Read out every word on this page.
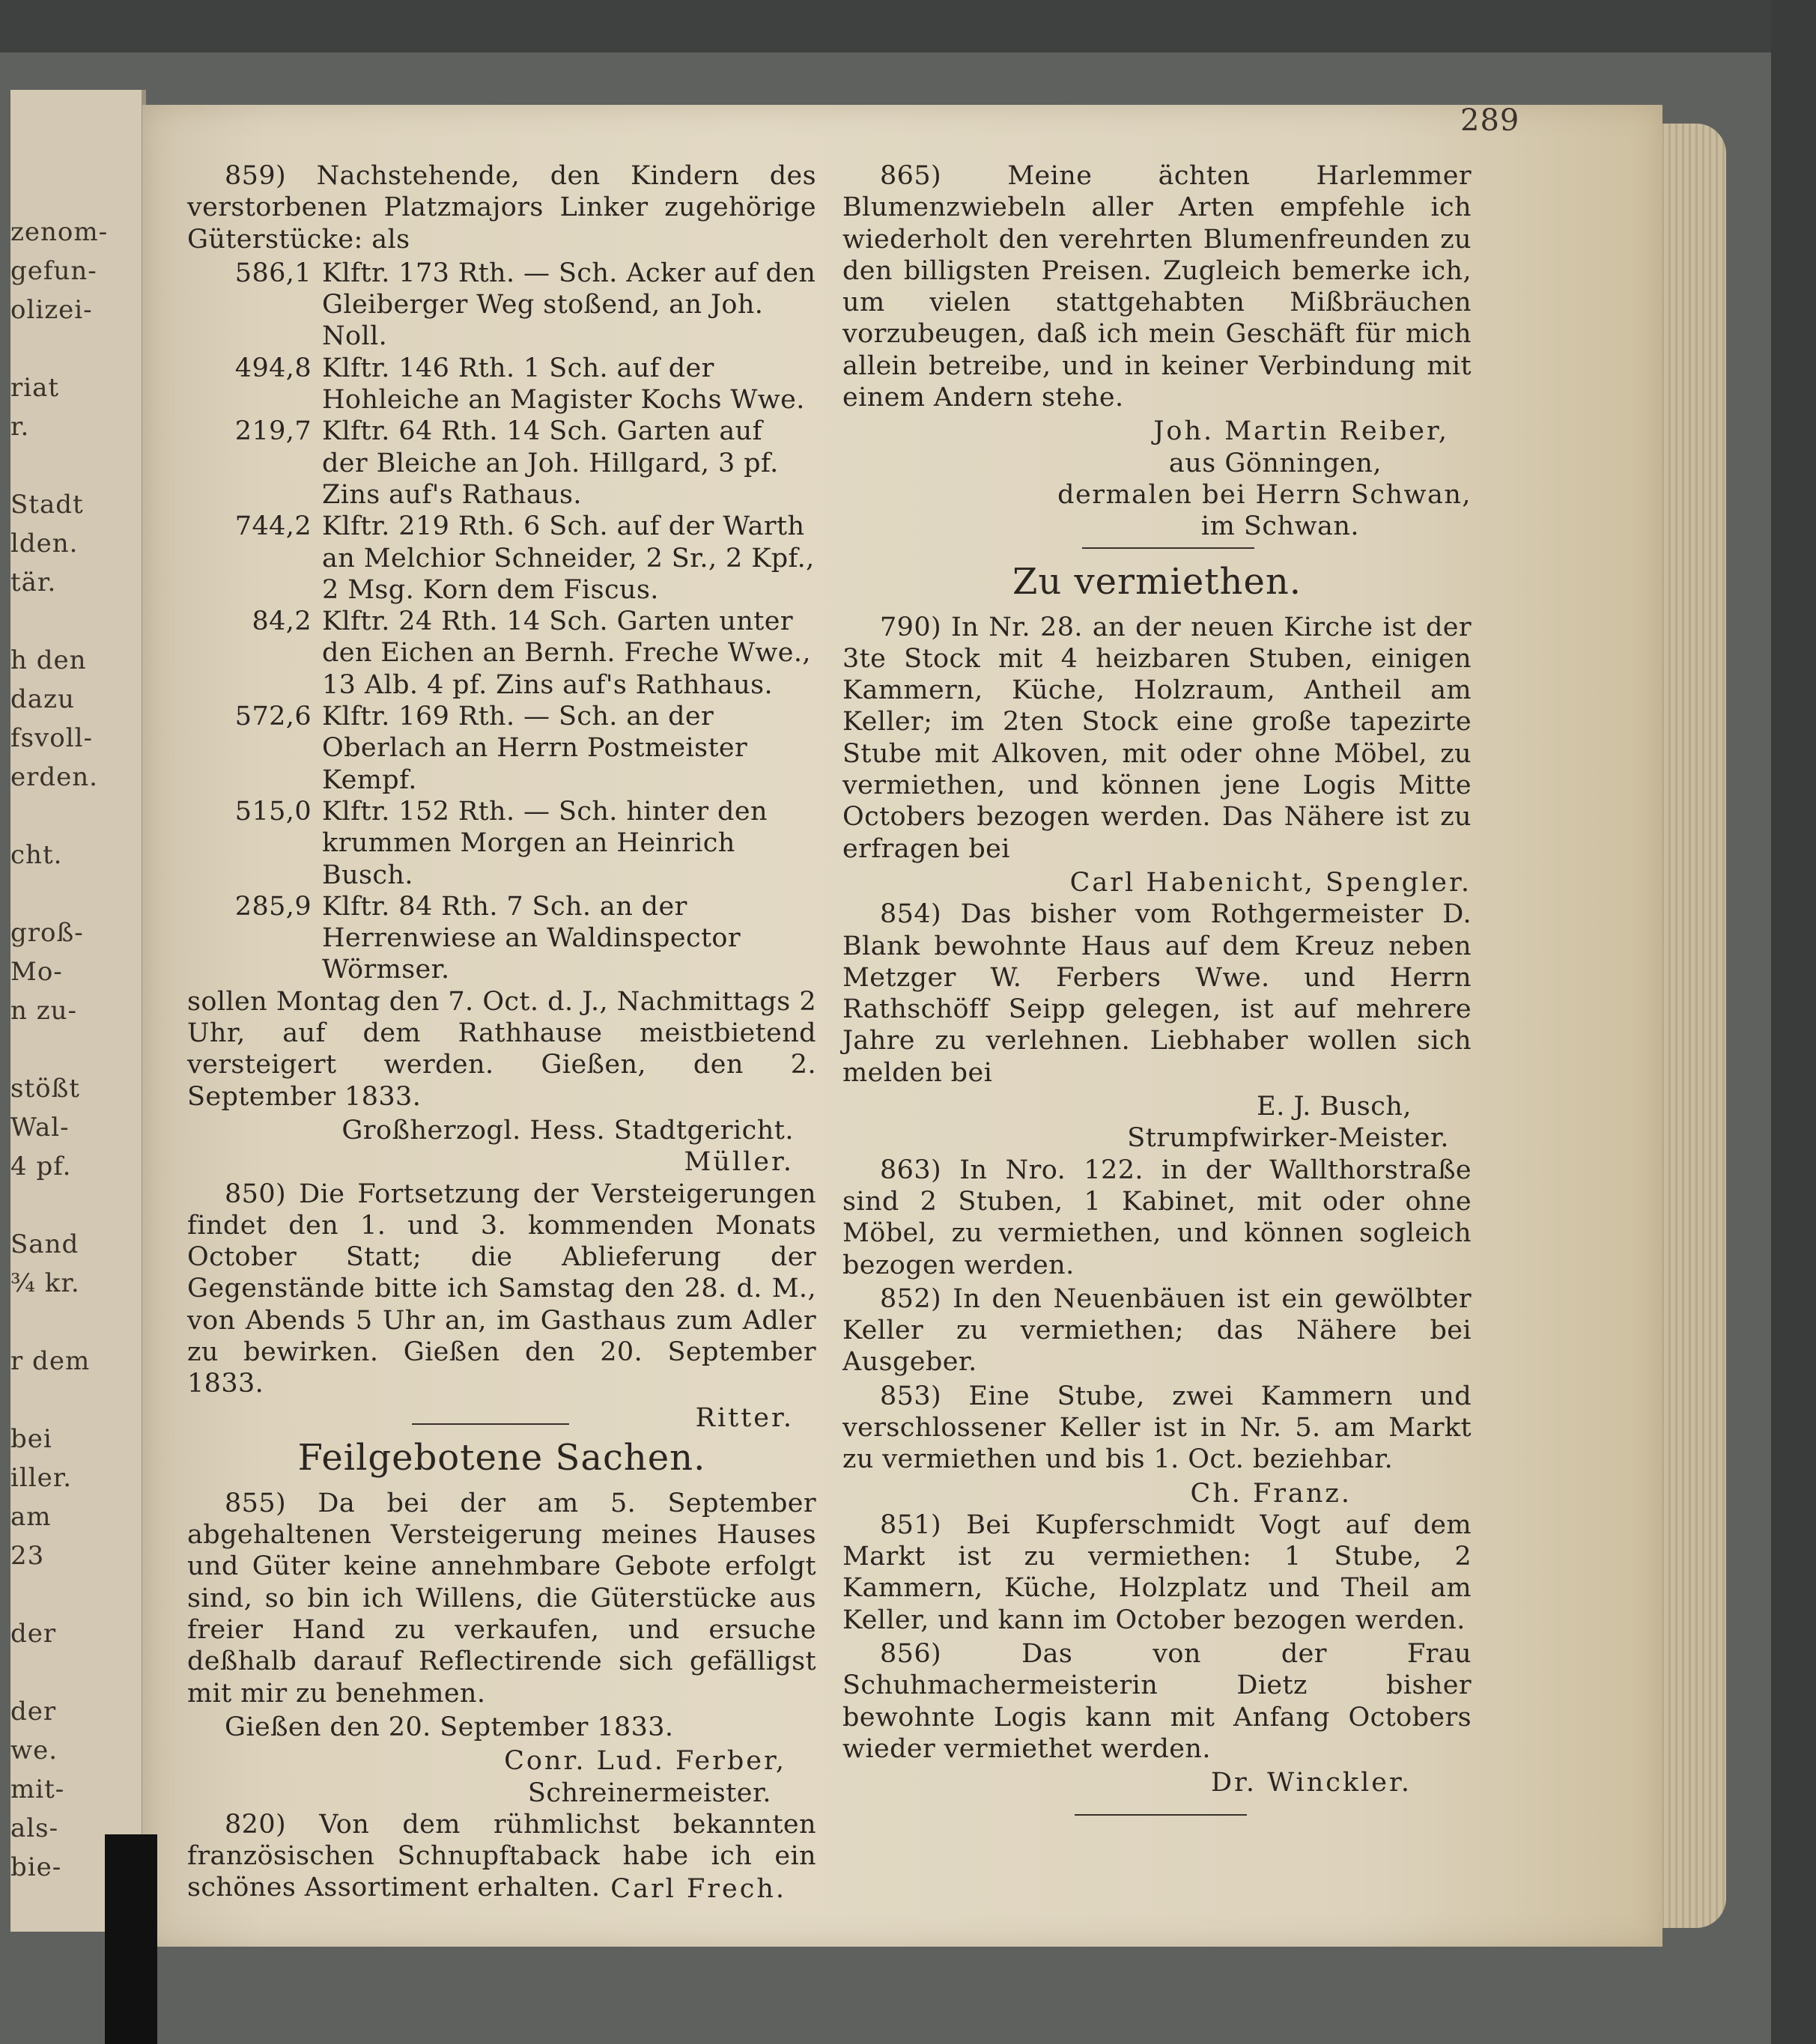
zenom-
gefun-
olizei-
riat
r.
Stadt
lden.
tär.
h den
dazu
fsvoll-
erden.
cht.
groß-
Mo-
n zu-
stößt
Wal-
4 pf.
Sand
¾ kr.
r dem
bei
iller.
am
23
der
der
we.
mit-
als-
bie-
289

859) Nachstehende, den Kindern des verstorbenen Platzmajors Linker zugehörige Güterstücke: als

586,1 Klftr. 173 Rth. — Sch. Acker auf den Gleiberger Weg stoßend, an Joh. Noll.

494,8 Klftr. 146 Rth. 1 Sch. auf der Hohleiche an Magister Kochs Wwe.

219,7 Klftr. 64 Rth. 14 Sch. Garten auf der Bleiche an Joh. Hillgard, 3 pf. Zins auf's Rathaus.

744,2 Klftr. 219 Rth. 6 Sch. auf der Warth an Melchior Schneider, 2 Sr., 2 Kpf., 2 Msg. Korn dem Fiscus.

84,2 Klftr. 24 Rth. 14 Sch. Garten unter den Eichen an Bernh. Freche Wwe., 13 Alb. 4 pf. Zins auf's Rathhaus.

572,6 Klftr. 169 Rth. — Sch. an der Oberlach an Herrn Postmeister Kempf.

515,0 Klftr. 152 Rth. — Sch. hinter den krummen Morgen an Heinrich Busch.

285,9 Klftr. 84 Rth. 7 Sch. an der Herrenwiese an Waldinspector Wörmser.

sollen Montag den 7. Oct. d. J., Nachmittags 2 Uhr, auf dem Rathhause meistbietend versteigert werden. Gießen, den 2. September 1833.

Großherzogl. Hess. Stadtgericht.

Müller.

850) Die Fortsetzung der Versteigerungen findet den 1. und 3. kommenden Monats October Statt; die Ablieferung der Gegenstände bitte ich Samstag den 28. d. M., von Abends 5 Uhr an, im Gasthaus zum Adler zu bewirken. Gießen den 20. September 1833.

Ritter.

Feilgebotene Sachen.

855) Da bei der am 5. September abgehaltenen Versteigerung meines Hauses und Güter keine annehmbare Gebote erfolgt sind, so bin ich Willens, die Güterstücke aus freier Hand zu verkaufen, und ersuche deßhalb darauf Reflectirende sich gefälligst mit mir zu benehmen.

Gießen den 20. September 1833.

Conr. Lud. Ferber,

Schreinermeister.

820) Von dem rühmlichst bekannten französischen Schnupftaback habe ich ein schönes Assortiment erhalten. Carl Frech.

865) Meine ächten Harlemmer Blumenzwiebeln aller Arten empfehle ich wiederholt den verehrten Blumenfreunden zu den billigsten Preisen. Zugleich bemerke ich, um vielen stattgehabten Mißbräuchen vorzubeugen, daß ich mein Geschäft für mich allein betreibe, und in keiner Verbindung mit einem Andern stehe.

Joh. Martin Reiber,

aus Gönningen,

dermalen bei Herrn Schwan,

im Schwan.

Zu vermiethen.

790) In Nr. 28. an der neuen Kirche ist der 3te Stock mit 4 heizbaren Stuben, einigen Kammern, Küche, Holzraum, Antheil am Keller; im 2ten Stock eine große tapezirte Stube mit Alkoven, mit oder ohne Möbel, zu vermiethen, und können jene Logis Mitte Octobers bezogen werden. Das Nähere ist zu erfragen bei

Carl Habenicht, Spengler.

854) Das bisher vom Rothgermeister D. Blank bewohnte Haus auf dem Kreuz neben Metzger W. Ferbers Wwe. und Herrn Rathschöff Seipp gelegen, ist auf mehrere Jahre zu verlehnen. Liebhaber wollen sich melden bei

E. J. Busch,

Strumpfwirker-Meister.

863) In Nro. 122. in der Wallthorstraße sind 2 Stuben, 1 Kabinet, mit oder ohne Möbel, zu vermiethen, und können sogleich bezogen werden.

852) In den Neuenbäuen ist ein gewölbter Keller zu vermiethen; das Nähere bei Ausgeber.

853) Eine Stube, zwei Kammern und verschlossener Keller ist in Nr. 5. am Markt zu vermiethen und bis 1. Oct. beziehbar.

Ch. Franz.

851) Bei Kupferschmidt Vogt auf dem Markt ist zu vermiethen: 1 Stube, 2 Kammern, Küche, Holzplatz und Theil am Keller, und kann im October bezogen werden.

856) Das von der Frau Schuhmachermeisterin Dietz bisher bewohnte Logis kann mit Anfang Octobers wieder vermiethet werden.

Dr. Winckler.
